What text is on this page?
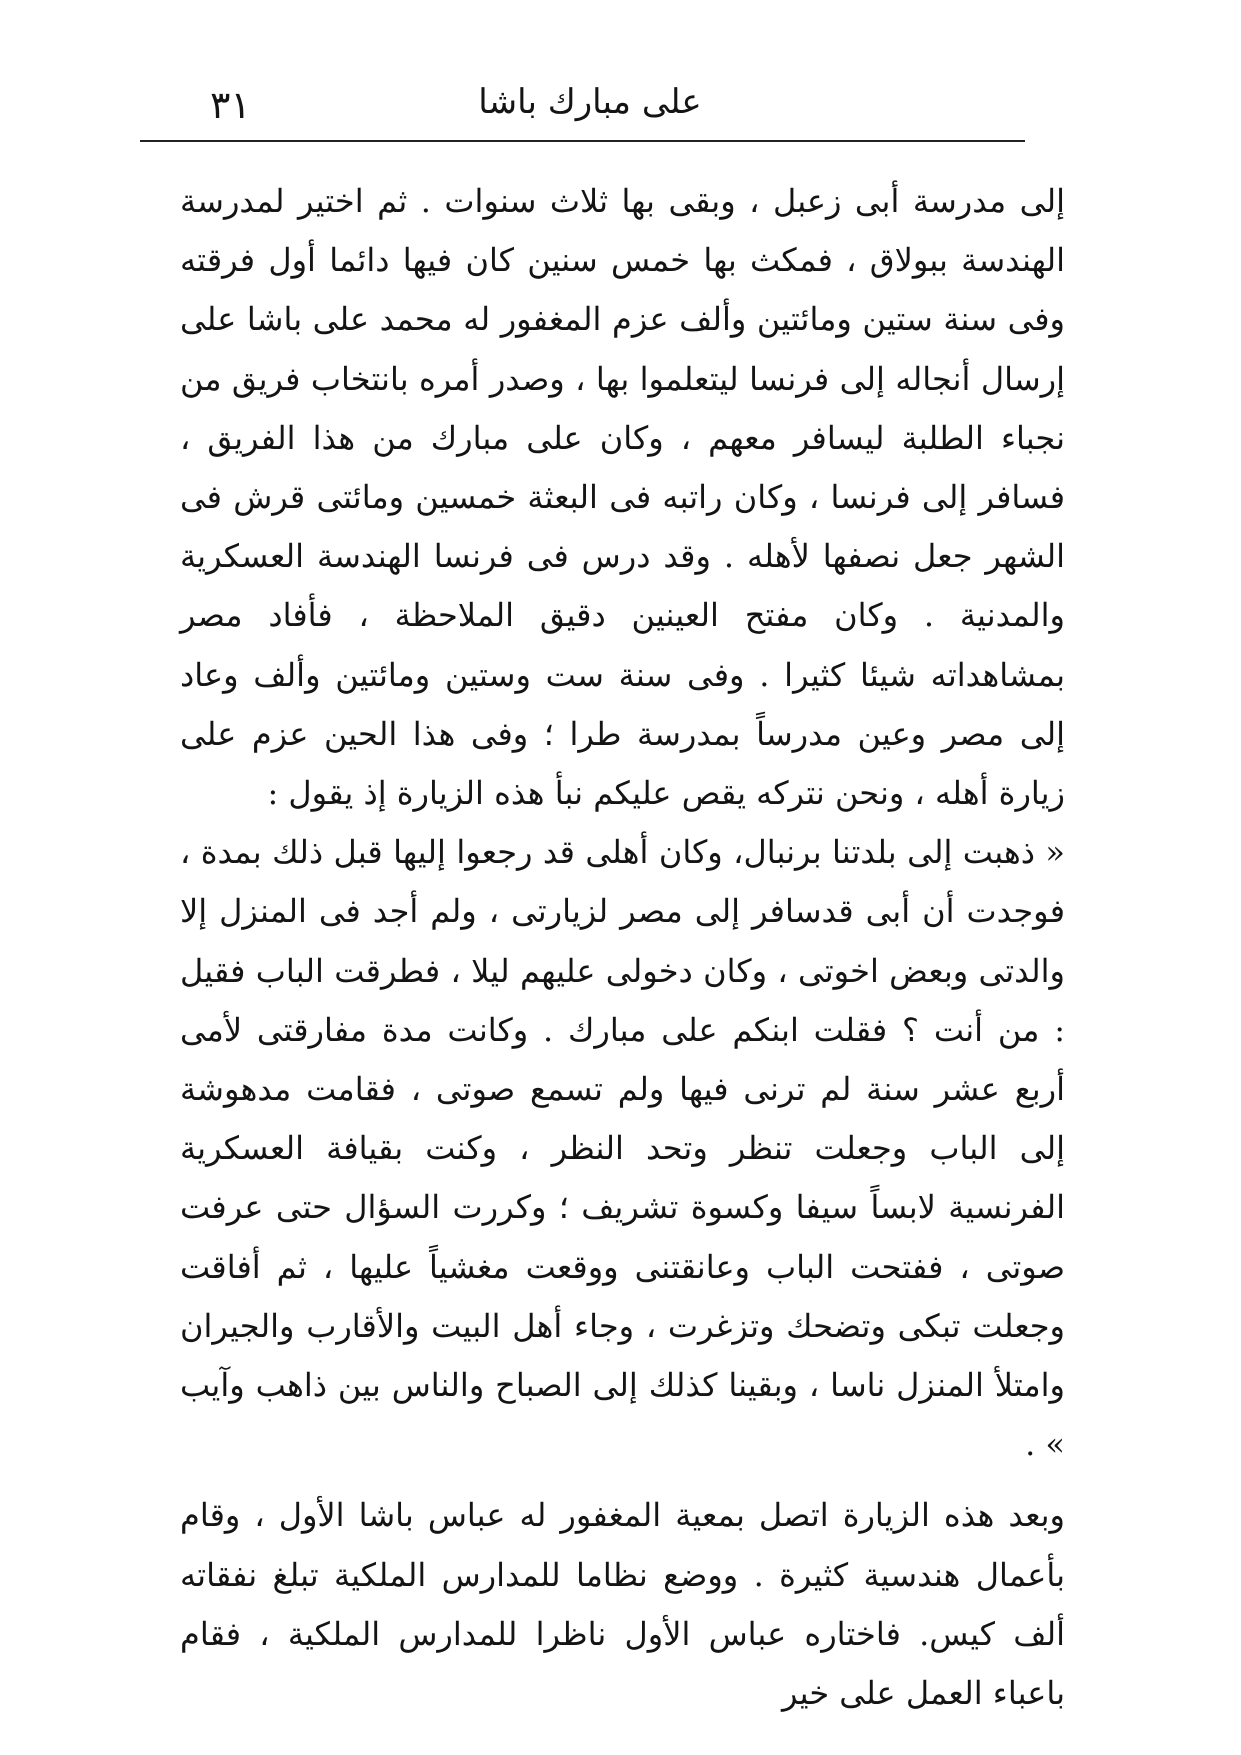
٣١	على مبارك باشا

إلى مدرسة أبى زعبل ، وبقى بها ثلاث سنوات . ثم اختير لمدرسة الهندسة ببولاق ، فمكث بها خمس سنين كان فيها دائما أول فرقته وفى سنة ستين ومائتين وألف عزم المغفور له محمد على باشا على إرسال أنجاله إلى فرنسا ليتعلموا بها ، وصدر أمره بانتخاب فريق من نجباء الطلبة ليسافر معهم ، وكان على مبارك من هذا الفريق ، فسافر إلى فرنسا ، وكان راتبه فى البعثة خمسين ومائتى قرش فى الشهر جعل نصفها لأهله . وقد درس فى فرنسا الهندسة العسكرية والمدنية . وكان مفتح العينين دقيق الملاحظة ، فأفاد مصر بمشاهداته شيئا كثيرا . وفى سنة ست وستين ومائتين وألف وعاد إلى مصر وعين مدرساً بمدرسة طرا ؛ وفى هذا الحين عزم على زيارة أهله ، ونحن نتركه يقص عليكم نبأ هذه الزيارة إذ يقول :

« ذهبت إلى بلدتنا برنبال، وكان أهلى قد رجعوا إليها قبل ذلك بمدة ، فوجدت أن أبى قدسافر إلى مصر لزيارتى ، ولم أجد فى المنزل إلا والدتى وبعض اخوتى ، وكان دخولى عليهم ليلا ، فطرقت الباب فقيل : من أنت ؟ فقلت ابنكم على مبارك . وكانت مدة مفارقتى لأمى أربع عشر سنة لم ترنى فيها ولم تسمع صوتى ، فقامت مدهوشة إلى الباب وجعلت تنظر وتحد النظر ، وكنت بقيافة العسكرية الفرنسية لابساً سيفا وكسوة تشريف ؛ وكررت السؤال حتى عرفت صوتى ، ففتحت الباب وعانقتنى ووقعت مغشياً عليها ، ثم أفاقت وجعلت تبكى وتضحك وتزغرت ، وجاء أهل البيت والأقارب والجيران وامتلأ المنزل ناسا ، وبقينا كذلك إلى الصباح والناس بين ذاهب وآيب » .

وبعد هذه الزيارة اتصل بمعية المغفور له عباس باشا الأول ، وقام بأعمال هندسية كثيرة . ووضع نظاما للمدارس الملكية تبلغ نفقاته ألف كيس. فاختاره عباس الأول ناظرا للمدارس الملكية ، فقام باعباء العمل على خير
